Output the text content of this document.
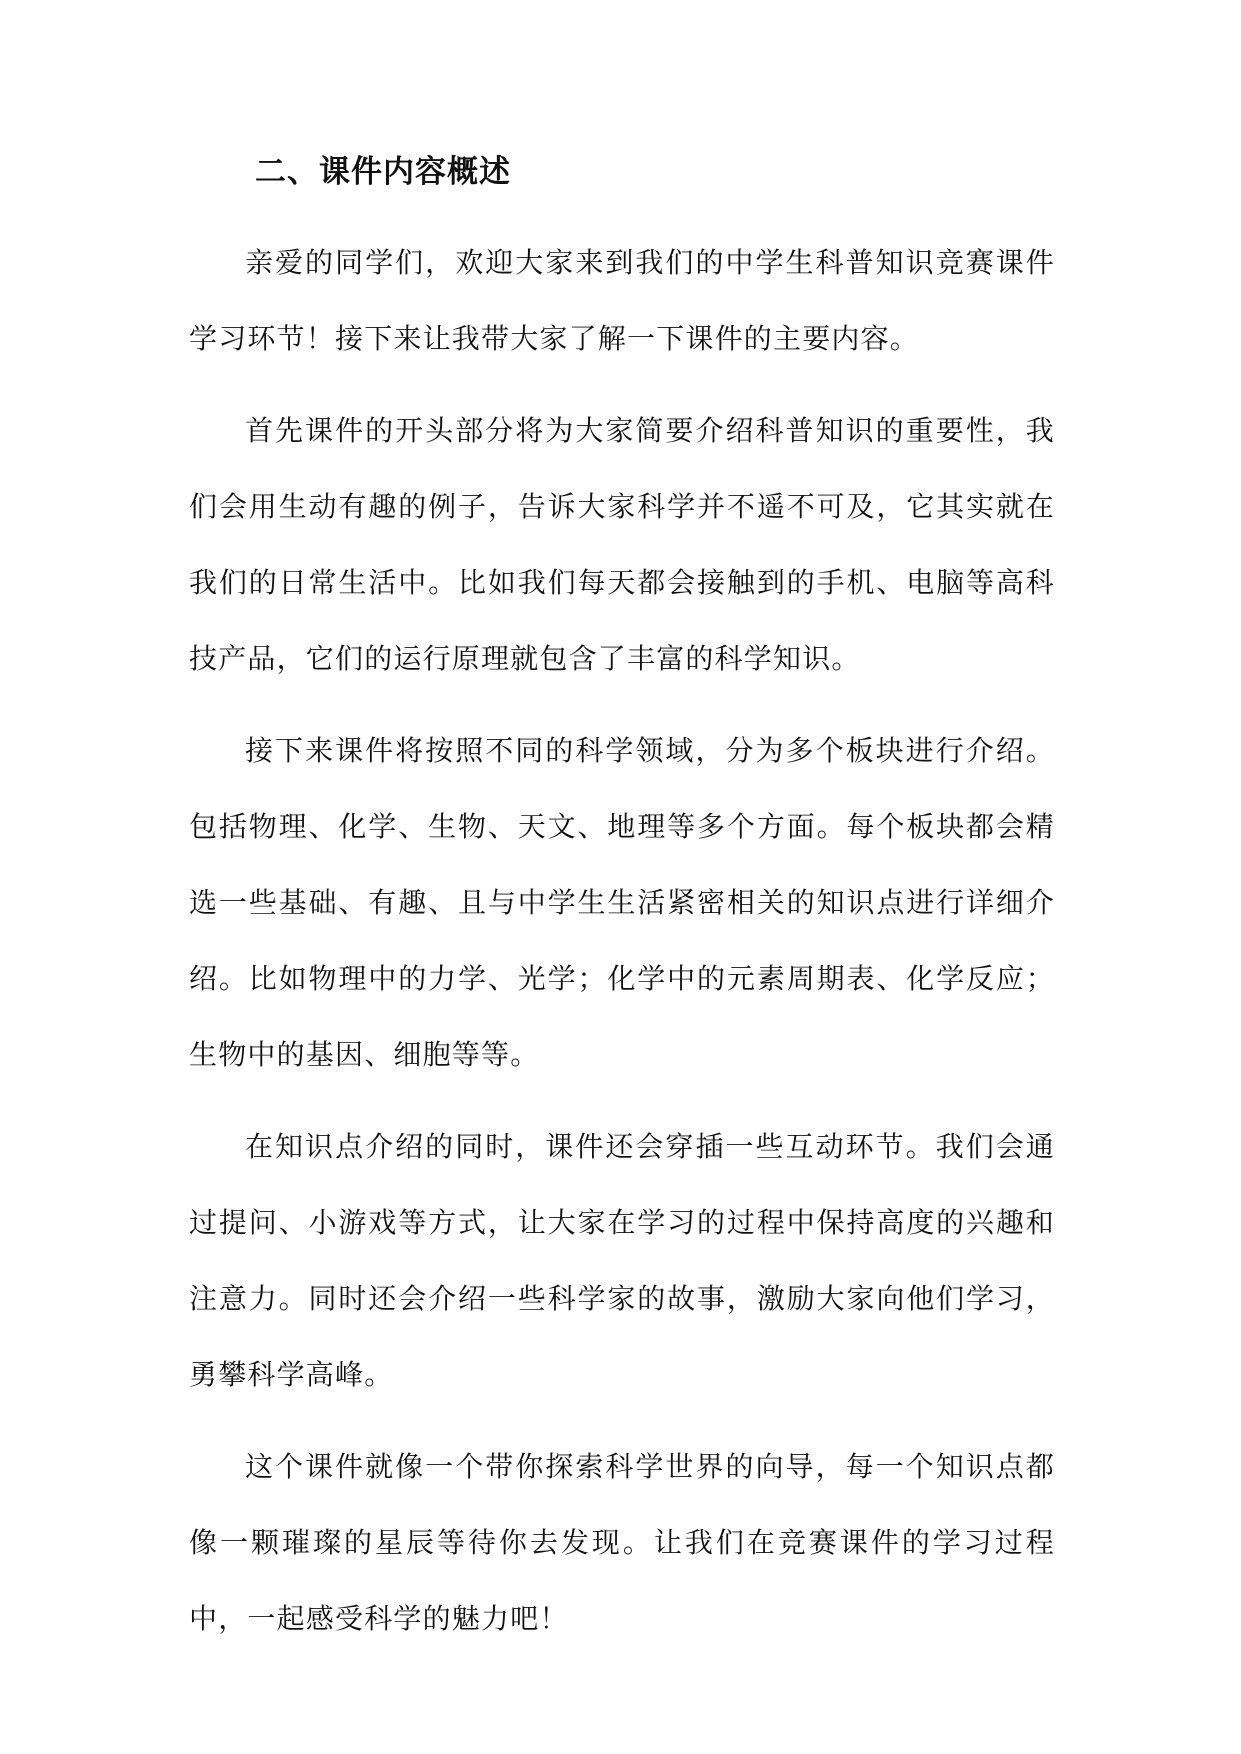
二、课件内容概述

亲爱的同学们，欢迎大家来到我们的中学生科普知识竞赛课件学习环节！接下来让我带大家了解一下课件的主要内容。

首先课件的开头部分将为大家简要介绍科普知识的重要性，我们会用生动有趣的例子，告诉大家科学并不遥不可及，它其实就在我们的日常生活中。比如我们每天都会接触到的手机、电脑等高科技产品，它们的运行原理就包含了丰富的科学知识。

接下来课件将按照不同的科学领域，分为多个板块进行介绍。包括物理、化学、生物、天文、地理等多个方面。每个板块都会精选一些基础、有趣、且与中学生生活紧密相关的知识点进行详细介绍。比如物理中的力学、光学；化学中的元素周期表、化学反应；生物中的基因、细胞等等。

在知识点介绍的同时，课件还会穿插一些互动环节。我们会通过提问、小游戏等方式，让大家在学习的过程中保持高度的兴趣和注意力。同时还会介绍一些科学家的故事，激励大家向他们学习，勇攀科学高峰。

这个课件就像一个带你探索科学世界的向导，每一个知识点都像一颗璀璨的星辰等待你去发现。让我们在竞赛课件的学习过程中，一起感受科学的魅力吧！
